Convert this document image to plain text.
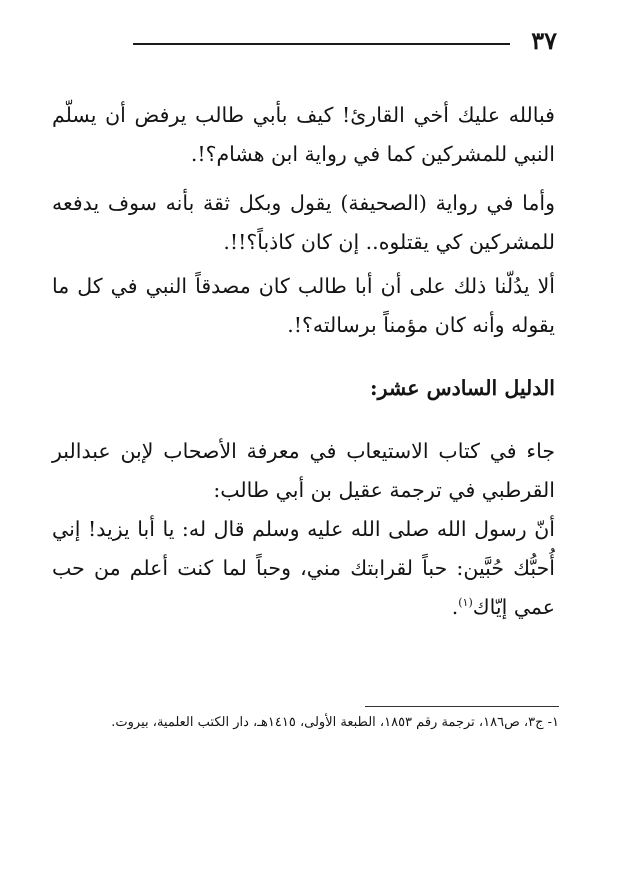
٣٧

فبالله عليك أخي القارئ! كيف بأبي طالب يرفض أن يسلّم النبي للمشركين كما في رواية ابن هشام؟!.

وأما في رواية (الصحيفة) يقول وبكل ثقة بأنه سوف يدفعه للمشركين كي يقتلوه.. إن كان كاذباً؟!!.

ألا يدُلّنا ذلك على أن أبا طالب كان مصدقاً النبي في كل ما يقوله وأنه كان مؤمناً برسالته؟!.

الدليل السادس عشر:

جاء في كتاب الاستيعاب في معرفة الأصحاب لإبن عبدالبر القرطبي في ترجمة عقيل بن أبي طالب:

أنّ رسول الله صلى الله عليه وسلم قال له: يا أبا يزيد! إني أُحبُّك حُبَّين: حباً لقرابتك مني، وحباً لما كنت أعلم من حب عمي إيّاك$^{(١)}$.

١- ج٣، ص١٨٦، ترجمة رقم ١٨٥٣، الطبعة الأولى، ١٤١٥هـ، دار الكتب العلمية، بيروت.
